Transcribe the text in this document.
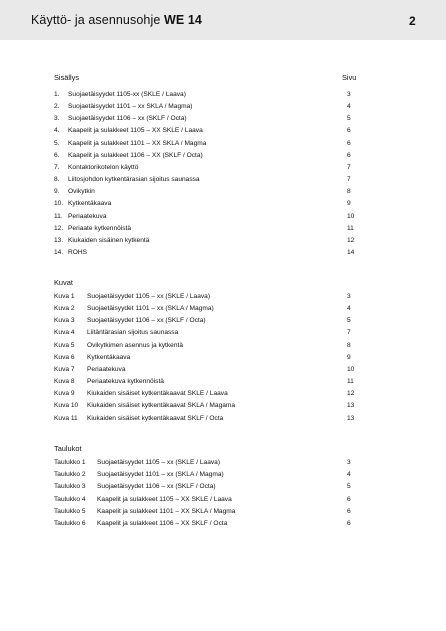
Käyttö- ja asennusohje WE 14	2
Sisällys	Sivu
1. Suojaetäisyydet 1105-xx (SKLE / Laava)	3
2. Suojaetäisyydet 1101 – xx SKLA / Magma)	4
3. Suojaetäisyydet 1106 – xx (SKLF / Octa)	5
4. Kaapelit ja sulakkeet 1105 – XX SKLE / Laava	6
5. Kaapelit ja sulakkeet 1101 – XX SKLA / Magma	6
6. Kaapelit ja sulakkeet 1106 – XX (SKLF / Octa)	6
7. Kontaktorikotelon käyttö	7
8. Liitosjohdon kytkentärasian sijoitus saunassa	7
9. Ovikytkin	8
10. Kytkentäkaava	9
11. Periaatekuva	10
12. Periaate kytkennöistä	11
13. Kiukaiden sisäinen kytkentä	12
14. ROHS	14
Kuvat
Kuva 1 Suojaetäisyydet 1105 – xx (SKLE / Laava)	3
Kuva 2 Suojaetäisyydet 1101 – xx (SKLA / Magma)	4
Kuva 3 Suojaetäisyydet 1106 – xx (SKLF / Octa)	5
Kuva 4 Liitäntärasian sijoitus saunassa	7
Kuva 5 Ovikytkimen asennus ja kytkentä	8
Kuva 6 Kytkentäkaava	9
Kuva 7 Periaatekuva	10
Kuva 8 Periaatekuva kytkennöistä	11
Kuva 9 Kiukaiden sisäiset kytkentäkaavat SKLE / Laava	12
Kuva 10 Kiukaiden sisäiset kytkentäkaavat SKLA / Magama	13
Kuva 11 Kiukaiden sisäiset kytkentäkaavat SKLF / Octa	13
Taulukot
Taulukko 1 Suojaetäisyydet 1105 – xx (SKLE / Laava)	3
Taulukko 2 Suojaetäisyydet 1101 – xx (SKLA / Magma)	4
Taulukko 3 Suojaetäisyydet 1106 – xx (SKLF / Octa)	5
Taulukko 4 Kaapelit ja sulakkeet 1105 – XX SKLE / Laava	6
Taulukko 5 Kaapelit ja sulakkeet 1101 – XX SKLA / Magma	6
Taulukko 6 Kaapelit ja sulakkeet 1106 – XX SKLF / Octa	6
